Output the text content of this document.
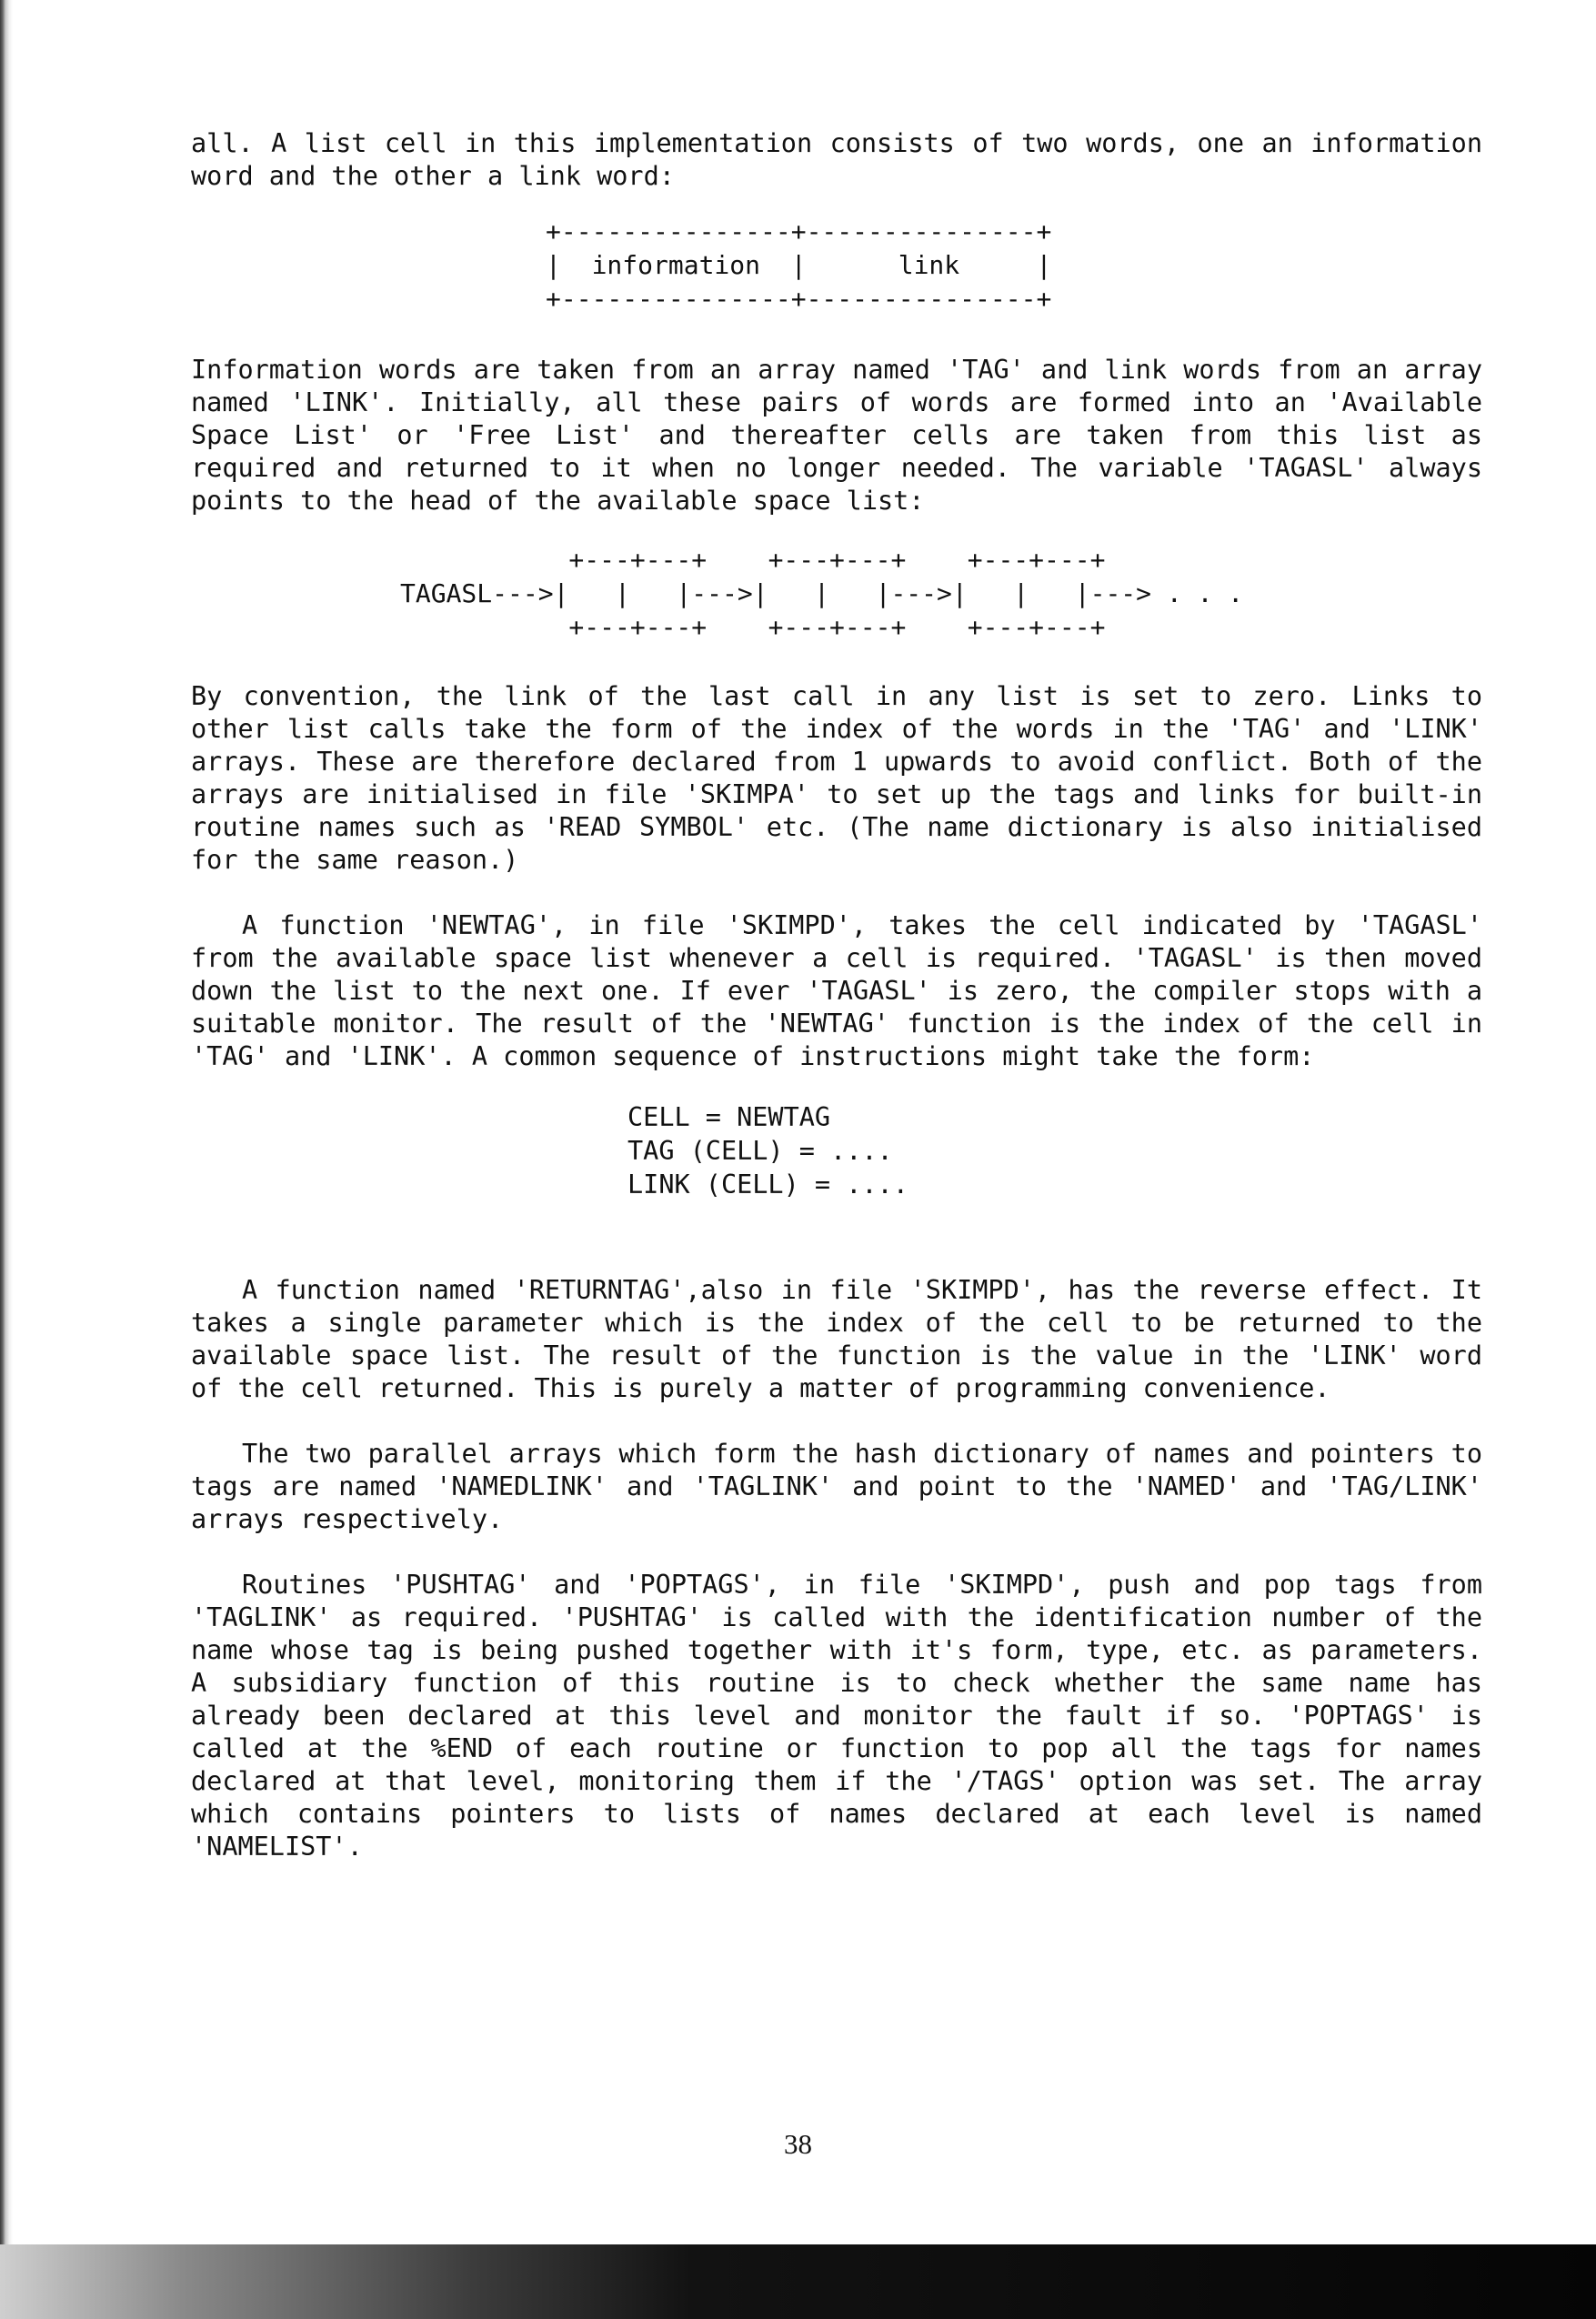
all. A list cell in this implementation consists of two words, one an information word and the other a link word:

+---------------+---------------+
|  information  |      link     |
+---------------+---------------+

Information words are taken from an array named 'TAG' and link words from an array named 'LINK'. Initially, all these pairs of words are formed into an 'Available Space List' or 'Free List' and thereafter cells are taken from this list as required and returned to it when no longer needed. The variable 'TAGASL' always points to the head of the available space list:

+---+---+    +---+---+    +---+---+
TAGASL--->|   |   |--->|   |   |--->|   |   |---> . . .
+---+---+    +---+---+    +---+---+

By convention, the link of the last call in any list is set to zero. Links to other list calls take the form of the index of the words in the 'TAG' and 'LINK' arrays. These are therefore declared from 1 upwards to avoid conflict. Both of the arrays are initialised in file 'SKIMPA' to set up the tags and links for built-in routine names such as 'READ SYMBOL' etc. (The name dictionary is also initialised for the same reason.)

A function 'NEWTAG', in file 'SKIMPD', takes the cell indicated by 'TAGASL' from the available space list whenever a cell is required. 'TAGASL' is then moved down the list to the next one. If ever 'TAGASL' is zero, the compiler stops with a suitable monitor. The result of the 'NEWTAG' function is the index of the cell in 'TAG' and 'LINK'. A common sequence of instructions might take the form:

CELL = NEWTAG
TAG (CELL) = ....
LINK (CELL) = ....

A function named 'RETURNTAG',also in file 'SKIMPD', has the reverse effect. It takes a single parameter which is the index of the cell to be returned to the available space list. The result of the function is the value in the 'LINK' word of the cell returned. This is purely a matter of programming convenience.

The two parallel arrays which form the hash dictionary of names and pointers to tags are named 'NAMEDLINK' and 'TAGLINK' and point to the 'NAMED' and 'TAG/LINK' arrays respectively.

Routines 'PUSHTAG' and 'POPTAGS', in file 'SKIMPD', push and pop tags from 'TAGLINK' as required. 'PUSHTAG' is called with the identification number of the name whose tag is being pushed together with it's form, type, etc. as parameters. A subsidiary function of this routine is to check whether the same name has already been declared at this level and monitor the fault if so. 'POPTAGS' is called at the %END of each routine or function to pop all the tags for names declared at that level, monitoring them if the '/TAGS' option was set. The array which contains pointers to lists of names declared at each level is named 'NAMELIST'.

38
